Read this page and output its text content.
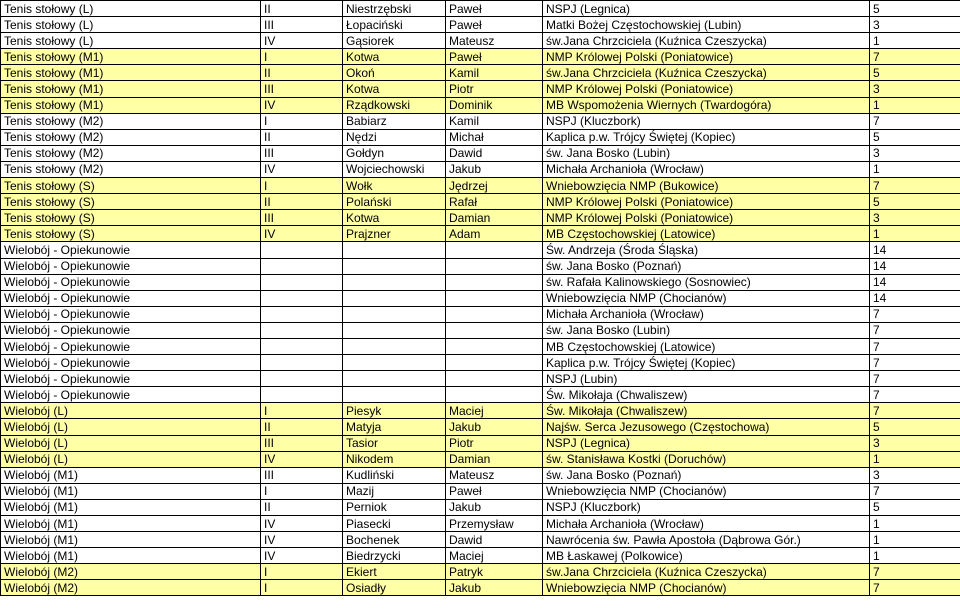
Tenis stołowy (L)	II	Niestrzębski	Paweł	NSPJ (Legnica)	5
Tenis stołowy (L)	III	Łopaciński	Paweł	Matki Bożej Częstochowskiej (Lubin)	3
Tenis stołowy (L)	IV	Gąsiorek	Mateusz	św.Jana Chrzciciela (Kuźnica Czeszycka)	1
Tenis stołowy (M1)	I	Kotwa	Paweł	NMP Królowej Polski (Poniatowice)	7
Tenis stołowy (M1)	II	Okoń	Kamil	św.Jana Chrzciciela (Kuźnica Czeszycka)	5
Tenis stołowy (M1)	III	Kotwa	Piotr	NMP Królowej Polski (Poniatowice)	3
Tenis stołowy (M1)	IV	Rządkowski	Dominik	MB Wspomożenia Wiernych (Twardogóra)	1
Tenis stołowy (M2)	I	Babiarz	Kamil	NSPJ (Kluczbork)	7
Tenis stołowy (M2)	II	Nędzi	Michał	Kaplica p.w. Trójcy Świętej (Kopiec)	5
Tenis stołowy (M2)	III	Gołdyn	Dawid	św. Jana Bosko (Lubin)	3
Tenis stołowy (M2)	IV	Wojciechowski	Jakub	Michała Archanioła (Wrocław)	1
Tenis stołowy (S)	I	Wołk	Jędrzej	Wniebowzięcia NMP (Bukowice)	7
Tenis stołowy (S)	II	Polański	Rafał	NMP Królowej Polski (Poniatowice)	5
Tenis stołowy (S)	III	Kotwa	Damian	NMP Królowej Polski (Poniatowice)	3
Tenis stołowy (S)	IV	Prajzner	Adam	MB Częstochowskiej (Latowice)	1
Wielobój - Opiekunowie				Św. Andrzeja (Środa Śląska)	14
Wielobój - Opiekunowie				św. Jana Bosko (Poznań)	14
Wielobój - Opiekunowie				św. Rafała Kalinowskiego (Sosnowiec)	14
Wielobój - Opiekunowie				Wniebowzięcia NMP (Chocianów)	14
Wielobój - Opiekunowie				Michała Archanioła (Wrocław)	7
Wielobój - Opiekunowie				św. Jana Bosko (Lubin)	7
Wielobój - Opiekunowie				MB Częstochowskiej (Latowice)	7
Wielobój - Opiekunowie				Kaplica p.w. Trójcy Świętej (Kopiec)	7
Wielobój - Opiekunowie				NSPJ (Lubin)	7
Wielobój - Opiekunowie				Św. Mikołaja (Chwaliszew)	7
Wielobój (L)	I	Piesyk	Maciej	Św. Mikołaja (Chwaliszew)	7
Wielobój (L)	II	Matyja	Jakub	Najśw. Serca Jezusowego (Częstochowa)	5
Wielobój (L)	III	Tasior	Piotr	NSPJ (Legnica)	3
Wielobój (L)	IV	Nikodem	Damian	św. Stanisława Kostki (Doruchów)	1
Wielobój (M1)	III	Kudliński	Mateusz	św. Jana Bosko (Poznań)	3
Wielobój (M1)	I	Mazij	Paweł	Wniebowzięcia NMP (Chocianów)	7
Wielobój (M1)	II	Perniok	Jakub	NSPJ (Kluczbork)	5
Wielobój (M1)	IV	Piasecki	Przemysław	Michała Archanioła (Wrocław)	1
Wielobój (M1)	IV	Bochenek	Dawid	Nawrócenia św. Pawła Apostoła (Dąbrowa Gór.)	1
Wielobój (M1)	IV	Biedrzycki	Maciej	MB Łaskawej (Polkowice)	1
Wielobój (M2)	I	Ekiert	Patryk	św.Jana Chrzciciela (Kuźnica Czeszycka)	7
Wielobój (M2)	I	Osiadły	Jakub	Wniebowzięcia NMP (Chocianów)	7
